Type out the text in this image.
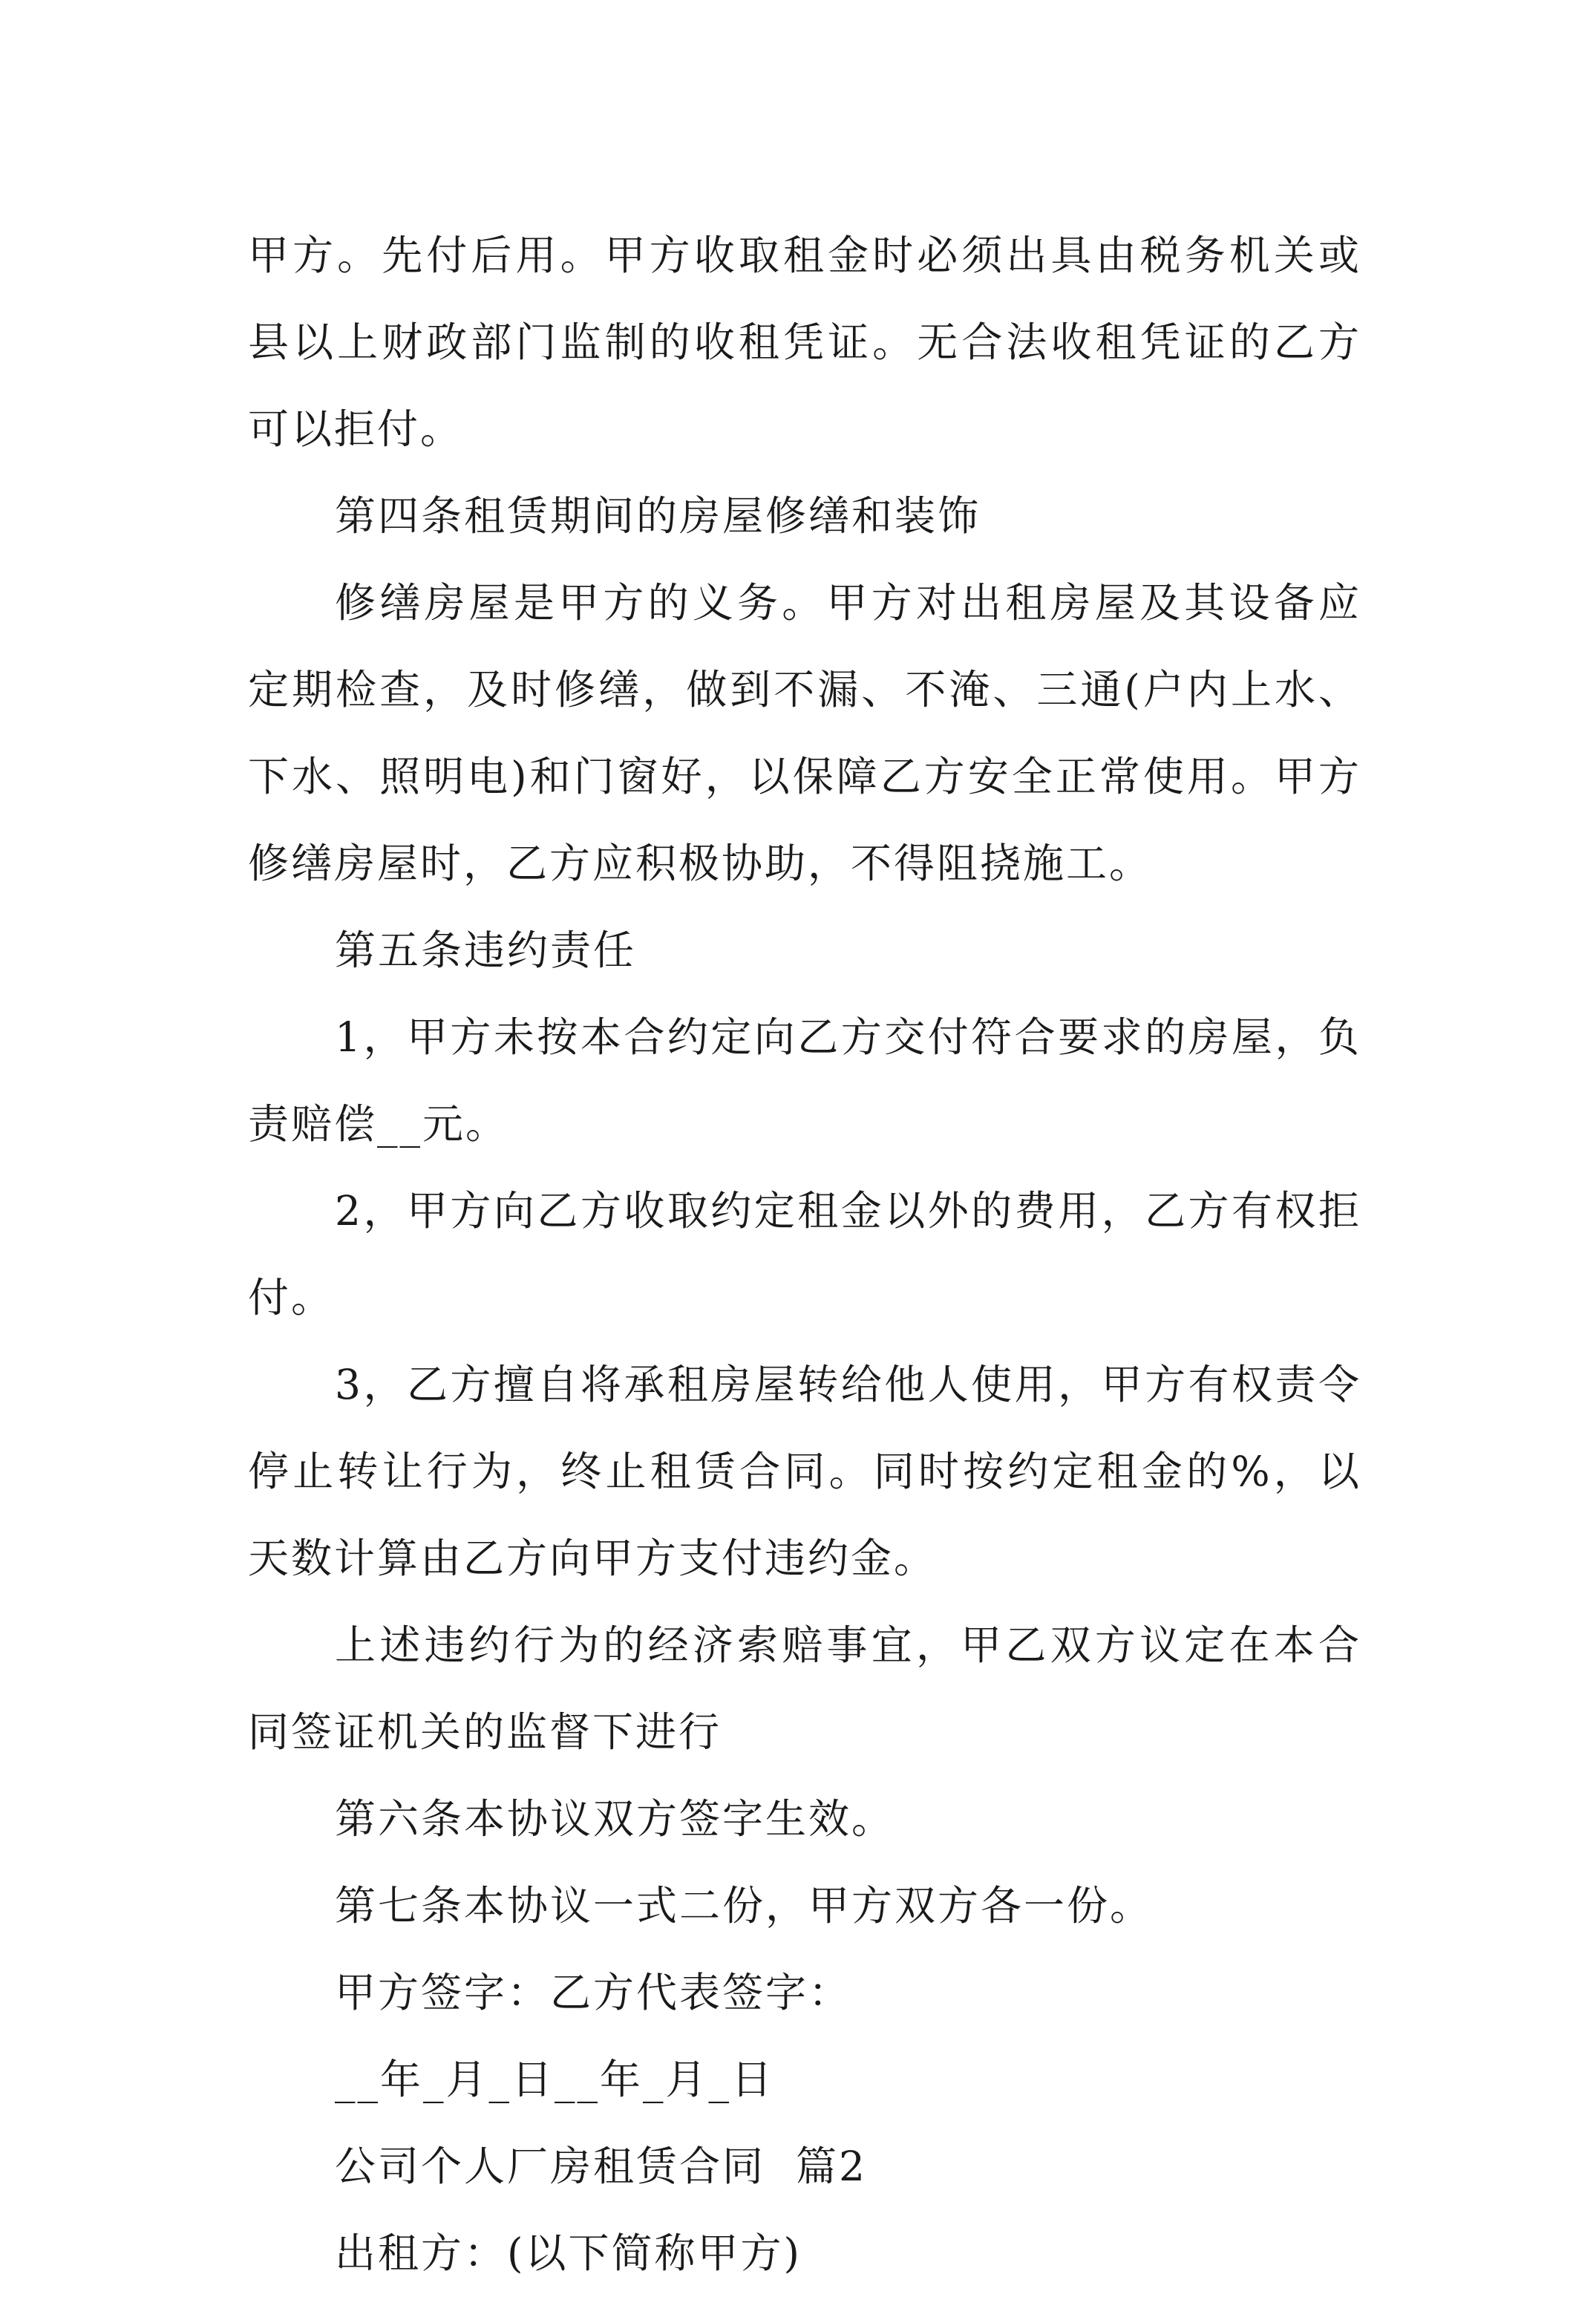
甲方。先付后用。甲方收取租金时必须出具由税务机关或县以上财政部门监制的收租凭证。无合法收租凭证的乙方可以拒付。

第四条租赁期间的房屋修缮和装饰

修缮房屋是甲方的义务。甲方对出租房屋及其设备应定期检查，及时修缮，做到不漏、不淹、三通(户内上水、下水、照明电)和门窗好，以保障乙方安全正常使用。甲方修缮房屋时，乙方应积极协助，不得阻挠施工。

第五条违约责任

1，甲方未按本合约定向乙方交付符合要求的房屋，负责赔偿__元。

2，甲方向乙方收取约定租金以外的费用，乙方有权拒付。

3，乙方擅自将承租房屋转给他人使用，甲方有权责令停止转让行为，终止租赁合同。同时按约定租金的%，以天数计算由乙方向甲方支付违约金。

上述违约行为的经济索赔事宜，甲乙双方议定在本合同签证机关的监督下进行

第六条本协议双方签字生效。

第七条本协议一式二份，甲方双方各一份。

甲方签字：乙方代表签字：

__年_月_日__年_月_日

公司个人厂房租赁合同  篇2

出租方：(以下简称甲方)
